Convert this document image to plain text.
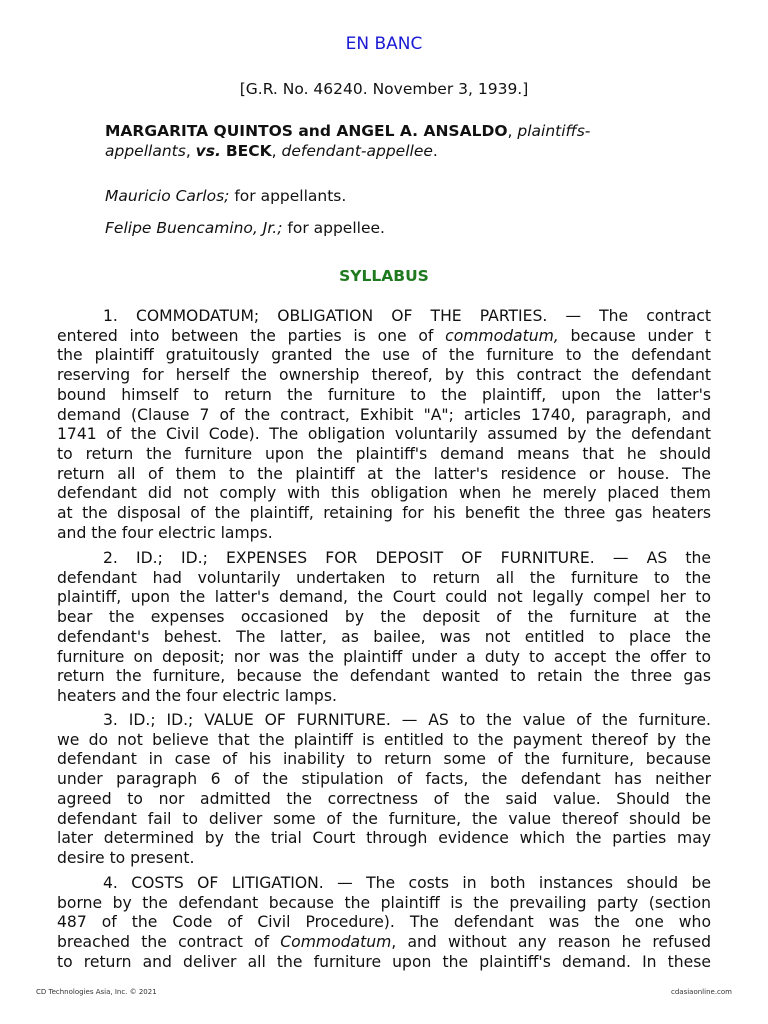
EN BANC
[G.R. No. 46240. November 3, 1939.]
MARGARITA QUINTOS and ANGEL A. ANSALDO, plaintiffs-
appellants, vs. BECK, defendant-appellee.
Mauricio Carlos; for appellants.
Felipe Buencamino, Jr.; for appellee.
SYLLABUS
1. COMMODATUM; OBLIGATION OF THE PARTIES. — The contract
entered into between the parties is one of commodatum, because under t
the plaintiff gratuitously granted the use of the furniture to the defendant
reserving for herself the ownership thereof, by this contract the defendant
bound himself to return the furniture to the plaintiff, upon the latter's
demand (Clause 7 of the contract, Exhibit "A"; articles 1740, paragraph, and
1741 of the Civil Code). The obligation voluntarily assumed by the defendant
to return the furniture upon the plaintiff's demand means that he should
return all of them to the plaintiff at the latter's residence or house. The
defendant did not comply with this obligation when he merely placed them
at the disposal of the plaintiff, retaining for his benefit the three gas heaters
and the four electric lamps.
2. ID.; ID.; EXPENSES FOR DEPOSIT OF FURNITURE. — AS the
defendant had voluntarily undertaken to return all the furniture to the
plaintiff, upon the latter's demand, the Court could not legally compel her to
bear the expenses occasioned by the deposit of the furniture at the
defendant's behest. The latter, as bailee, was not entitled to place the
furniture on deposit; nor was the plaintiff under a duty to accept the offer to
return the furniture, because the defendant wanted to retain the three gas
heaters and the four electric lamps.
3. ID.; ID.; VALUE OF FURNITURE. — AS to the value of the furniture.
we do not believe that the plaintiff is entitled to the payment thereof by the
defendant in case of his inability to return some of the furniture, because
under paragraph 6 of the stipulation of facts, the defendant has neither
agreed to nor admitted the correctness of the said value. Should the
defendant fail to deliver some of the furniture, the value thereof should be
later determined by the trial Court through evidence which the parties may
desire to present.
4. COSTS OF LITIGATION. — The costs in both instances should be
borne by the defendant because the plaintiff is the prevailing party (section
487 of the Code of Civil Procedure). The defendant was the one who
breached the contract of Commodatum, and without any reason he refused
to return and deliver all the furniture upon the plaintiff's demand. In these
CD Technologies Asia, Inc. © 2021	cdasiaonline.com
